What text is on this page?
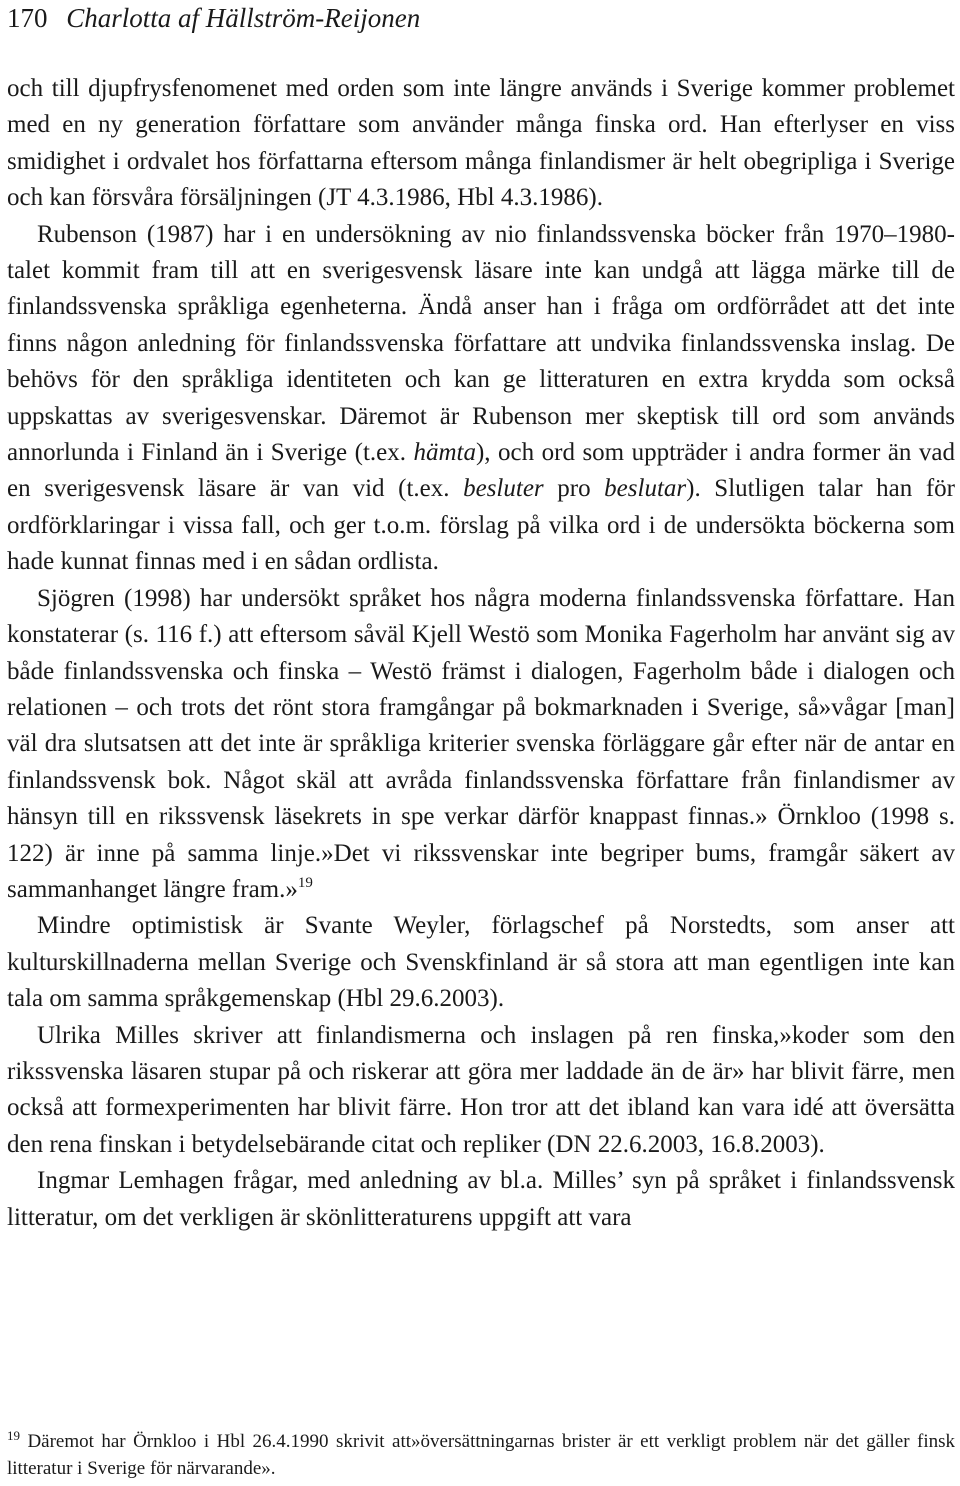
170 Charlotta af Hällström-Reijonen

och till djupfrysfenomenet med orden som inte längre används i Sverige kommer problemet med en ny generation författare som använder många finska ord. Han efterlyser en viss smidighet i ordvalet hos författarna eftersom många finlandismer är helt obegripliga i Sverige och kan försvåra försäljningen (JT 4.3.1986, Hbl 4.3.1986).

Rubenson (1987) har i en undersökning av nio finlandssvenska böcker från 1970–1980-talet kommit fram till att en sverigesvensk läsare inte kan undgå att lägga märke till de finlandssvenska språkliga egenheterna. Ändå anser han i fråga om ordförrådet att det inte finns någon anledning för finlandssvenska författare att undvika finlandssvenska inslag. De behövs för den språkliga identiteten och kan ge litteraturen en extra krydda som också uppskattas av sverigesvenskar. Däremot är Rubenson mer skeptisk till ord som används annorlunda i Finland än i Sverige (t.ex. hämta), och ord som uppträder i andra former än vad en sverigesvensk läsare är van vid (t.ex. besluter pro beslutar). Slutligen talar han för ordförklaringar i vissa fall, och ger t.o.m. förslag på vilka ord i de undersökta böckerna som hade kunnat finnas med i en sådan ordlista.

Sjögren (1998) har undersökt språket hos några moderna finlandssvenska författare. Han konstaterar (s. 116 f.) att eftersom såväl Kjell Westö som Monika Fagerholm har använt sig av både finlandssvenska och finska – Westö främst i dialogen, Fagerholm både i dialogen och relationen – och trots det rönt stora framgångar på bokmarknaden i Sverige, så»vågar [man] väl dra slutsatsen att det inte är språkliga kriterier svenska förläggare går efter när de antar en finlandssvensk bok. Något skäl att avråda finlandssvenska författare från finlandismer av hänsyn till en rikssvensk läsekrets in spe verkar därför knappast finnas.» Örnkloo (1998 s. 122) är inne på samma linje.»Det vi rikssvenskar inte begriper bums, framgår säkert av sammanhanget längre fram.»$^{19}$

Mindre optimistisk är Svante Weyler, förlagschef på Norstedts, som anser att kulturskillnaderna mellan Sverige och Svenskfinland är så stora att man egentligen inte kan tala om samma språkgemenskap (Hbl 29.6.2003).

Ulrika Milles skriver att finlandismerna och inslagen på ren finska,»koder som den rikssvenska läsaren stupar på och riskerar att göra mer laddade än de är» har blivit färre, men också att formexperimenten har blivit färre. Hon tror att det ibland kan vara idé att översätta den rena finskan i betydelsebärande citat och repliker (DN 22.6.2003, 16.8.2003).

Ingmar Lemhagen frågar, med anledning av bl.a. Milles’ syn på språket i finlandssvensk litteratur, om det verkligen är skönlitteraturens uppgift att vara

$^{19}$ Däremot har Örnkloo i Hbl 26.4.1990 skrivit att»översättningarnas brister är ett verkligt problem när det gäller finsk litteratur i Sverige för närvarande».
